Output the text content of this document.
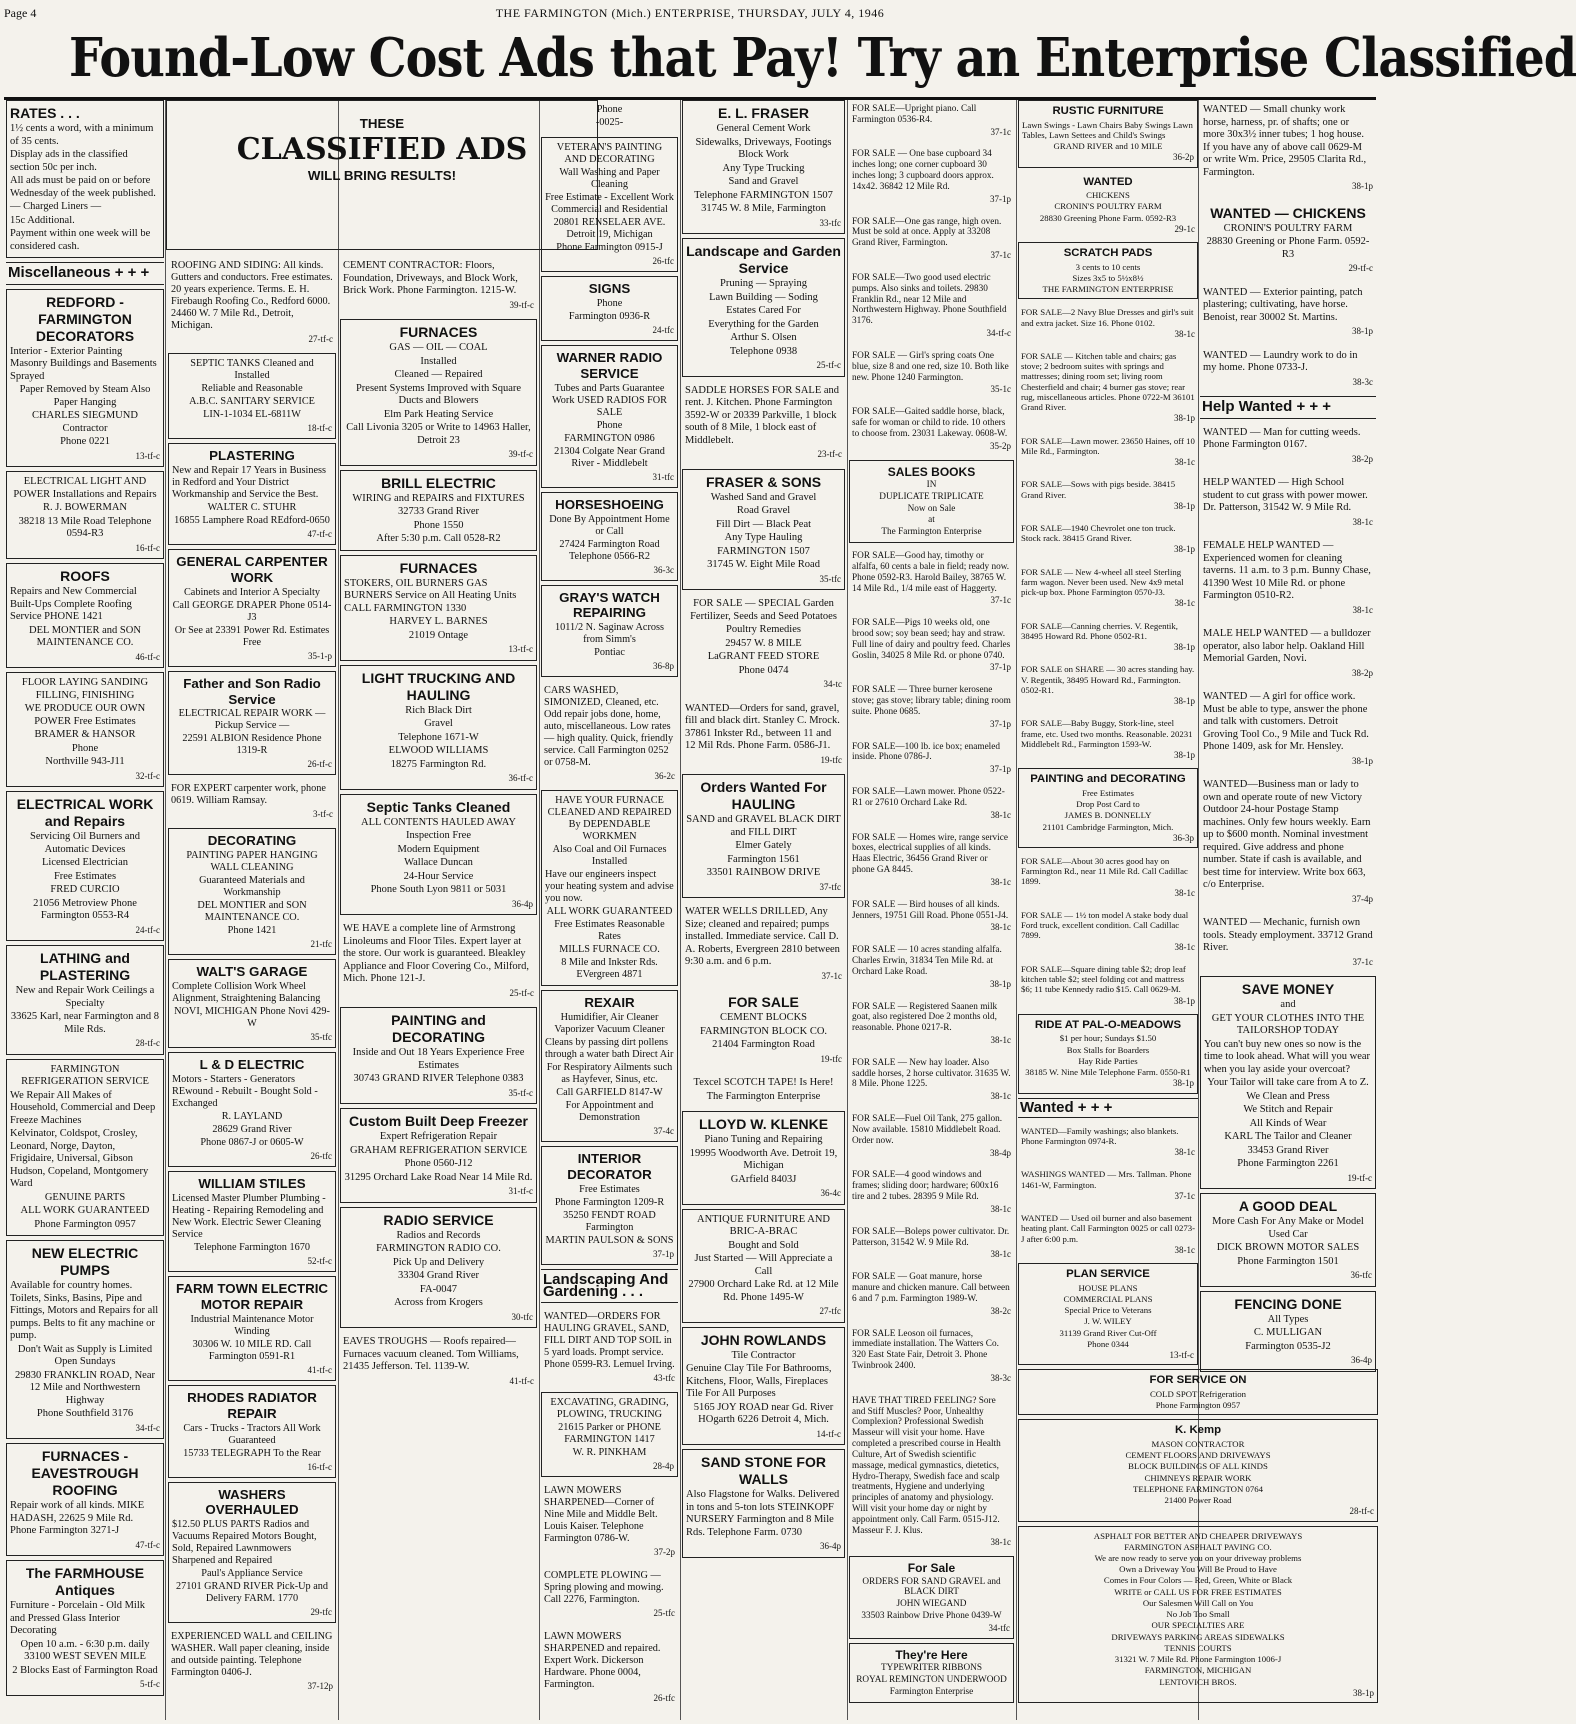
Page 4	THE FARMINGTON (Mich.) ENTERPRISE, THURSDAY, JULY 4, 1946
Found-Low Cost Ads that Pay! Try an Enterprise Classified
RATES . . .
1½ cents a word, with a minimum of 35 cents.
Display ads in the classified section 50c per inch.
All ads must be paid on or before Wednesday of the week published.
— Charged Liners —
15c Additional.
Payment within one week will be considered cash.
Miscellaneous + + +
REDFORD - FARMINGTON DECORATORS
Interior - Exterior Painting Masonry Buildings and Basements Sprayed
Paper Removed by Steam Also Paper Hanging
CHARLES SIEGMUND Contractor
Phone 0221
13-tf-c
ELECTRICAL LIGHT AND POWER Installations and Repairs
R. J. BOWERMAN
38218 13 Mile Road Telephone 0594-R3
16-tf-c
ROOFS
Repairs and New Commercial Built-Ups Complete Roofing Service PHONE 1421
DEL MONTIER and SON MAINTENANCE CO.
46-tf-c
FLOOR LAYING SANDING FILLING, FINISHING
WE PRODUCE OUR OWN POWER Free Estimates
BRAMER & HANSOR
Phone
Northville 943-J11
32-tf-c
ELECTRICAL WORK and Repairs
Servicing Oil Burners and Automatic Devices
Licensed Electrician
Free Estimates
FRED CURCIO
21056 Metroview Phone Farmington 0553-R4
24-tf-c
LATHING and PLASTERING
New and Repair Work Ceilings a Specialty
33625 Karl, near Farmington and 8 Mile Rds.
28-tf-c
FARMINGTON REFRIGERATION SERVICE
We Repair All Makes of Household, Commercial and Deep Freeze Machines
Kelvinator, Coldspot, Crosley, Leonard, Norge, Dayton, Frigidaire, Universal, Gibson Hudson, Copeland, Montgomery Ward
GENUINE PARTS
ALL WORK GUARANTEED
Phone Farmington 0957
NEW ELECTRIC PUMPS
Available for country homes. Toilets, Sinks, Basins, Pipe and Fittings, Motors and Repairs for all pumps. Belts to fit any machine or pump.
Don't Wait as Supply is Limited Open Sundays
29830 FRANKLIN ROAD, Near 12 Mile and Northwestern Highway
Phone Southfield 3176
34-tf-c
FURNACES - EAVESTROUGH ROOFING
Repair work of all kinds. MIKE HADASH, 22625 9 Mile Rd. Phone Farmington 3271-J
47-tf-c
The FARMHOUSE Antiques
Furniture - Porcelain - Old Milk and Pressed Glass Interior Decorating
Open 10 a.m. - 6:30 p.m. daily 33100 WEST SEVEN MILE
2 Blocks East of Farmington Road
5-tf-c
THESE
CLASSIFIED ADS
WILL BRING RESULTS!
ROOFING AND SIDING: All kinds. Gutters and conductors. Free estimates. 20 years experience. Terms. E. H. Firebaugh Roofing Co., Redford 6000. 24460 W. 7 Mile Rd., Detroit, Michigan.
27-tf-c
SEPTIC TANKS Cleaned and Installed
Reliable and Reasonable
A.B.C. SANITARY SERVICE
LIN-1-1034 EL-6811W
18-tf-c
PLASTERING
New and Repair 17 Years in Business in Redford and Your District Workmanship and Service the Best.
WALTER C. STUHR
16855 Lamphere Road REdford-0650
47-tf-c
GENERAL CARPENTER WORK
Cabinets and Interior A Specialty
Call GEORGE DRAPER Phone 0514-J3
Or See at 23391 Power Rd. Estimates Free
35-1-p
Father and Son Radio Service
ELECTRICAL REPAIR WORK — Pickup Service —
22591 ALBION Residence Phone 1319-R
26-tf-c
FOR EXPERT carpenter work, phone 0619. William Ramsay.
3-tf-c
DECORATING
PAINTING PAPER HANGING WALL CLEANING
Guaranteed Materials and Workmanship
DEL MONTIER and SON MAINTENANCE CO.
Phone 1421
21-tfc
WALT'S GARAGE
Complete Collision Work Wheel Alignment, Straightening Balancing
NOVI, MICHIGAN Phone Novi 429-W
35-tfc
L & D ELECTRIC
Motors - Starters - Generators REwound - Rebuilt - Bought Sold - Exchanged
R. LAYLAND
28629 Grand River
Phone 0867-J or 0605-W
26-tfc
WILLIAM STILES
Licensed Master Plumber Plumbing - Heating - Repairing Remodeling and New Work. Electric Sewer Cleaning Service
Telephone Farmington 1670
52-tf-c
FARM TOWN ELECTRIC MOTOR REPAIR
Industrial Maintenance Motor Winding
30306 W. 10 MILE RD. Call Farmington 0591-R1
41-tf-c
RHODES RADIATOR REPAIR
Cars - Trucks - Tractors All Work Guaranteed
15733 TELEGRAPH To the Rear
16-tf-c
WASHERS OVERHAULED
$12.50 PLUS PARTS Radios and Vacuums Repaired Motors Bought, Sold, Repaired Lawnmowers Sharpened and Repaired
Paul's Appliance Service
27101 GRAND RIVER Pick-Up and Delivery FARM. 1770
29-tfc
EXPERIENCED WALL and CEILING WASHER. Wall paper cleaning, inside and outside painting. Telephone Farmington 0406-J.
37-12p
CEMENT CONTRACTOR: Floors, Foundation, Driveways, and Block Work, Brick Work. Phone Farmington. 1215-W.
39-tf-c
FURNACES
GAS — OIL — COAL
Installed
Cleaned — Repaired
Present Systems Improved with Square Ducts and Blowers
Elm Park Heating Service
Call Livonia 3205 or Write to 14963 Haller, Detroit 23
39-tf-c
BRILL ELECTRIC
WIRING and REPAIRS and FIXTURES
32733 Grand River
Phone 1550
After 5:30 p.m. Call 0528-R2
FURNACES
STOKERS, OIL BURNERS GAS BURNERS Service on All Heating Units CALL FARMINGTON 1330
HARVEY L. BARNES
21019 Ontage
13-tf-c
LIGHT TRUCKING AND HAULING
Rich Black Dirt
Gravel
Telephone 1671-W
ELWOOD WILLIAMS
18275 Farmington Rd.
36-tf-c
Septic Tanks Cleaned
ALL CONTENTS HAULED AWAY
Inspection Free
Modern Equipment
Wallace Duncan
24-Hour Service
Phone South Lyon 9811 or 5031
36-4p
WE HAVE a complete line of Armstrong Linoleums and Floor Tiles. Expert layer at the store. Our work is guaranteed. Bleakley Appliance and Floor Covering Co., Milford, Mich. Phone 121-J.
25-tf-c
PAINTING and DECORATING
Inside and Out 18 Years Experience Free Estimates
30743 GRAND RIVER Telephone 0383
35-tf-c
Custom Built Deep Freezer
Expert Refrigeration Repair
GRAHAM REFRIGERATION SERVICE
Phone 0560-J12
31295 Orchard Lake Road Near 14 Mile Rd.
31-tf-c
RADIO SERVICE
Radios and Records
FARMINGTON RADIO CO.
Pick Up and Delivery
33304 Grand River
FA-0047
Across from Krogers
30-tfc
EAVES TROUGHS — Roofs repaired—Furnaces vacuum cleaned. Tom Williams, 21435 Jefferson. Tel. 1139-W.
41-tf-c
Phone
-0025-
VETERAN'S PAINTING AND DECORATING
Wall Washing and Paper Cleaning
Free Estimate - Excellent Work Commercial and Residential
20801 RENSELAER AVE. Detroit 19, Michigan
Phone Farmington 0915-J
26-tfc
SIGNS
Phone
Farmington 0936-R
24-tfc
WARNER RADIO SERVICE
Tubes and Parts Guarantee Work USED RADIOS FOR SALE
Phone
FARMINGTON 0986
21304 Colgate Near Grand River - Middlebelt
31-tfc
HORSESHOEING
Done By Appointment Home or Call
27424 Farmington Road Telephone 0566-R2
36-3c
GRAY'S WATCH REPAIRING
1011/2 N. Saginaw Across from Simm's
Pontiac
36-8p
CARS WASHED, SIMONIZED, Cleaned, etc. Odd repair jobs done, home, auto, miscellaneous. Low rates — high quality. Quick, friendly service. Call Farmington 0252 or 0758-M.
36-2c
HAVE YOUR FURNACE CLEANED AND REPAIRED By DEPENDABLE WORKMEN
Also Coal and Oil Furnaces Installed
Have our engineers inspect your heating system and advise you now.
ALL WORK GUARANTEED
Free Estimates Reasonable Rates
MILLS FURNACE CO.
8 Mile and Inkster Rds. EVergreen 4871
REXAIR
Humidifier, Air Cleaner Vaporizer Vacuum Cleaner
Cleans by passing dirt pollens through a water bath Direct Air
For Respiratory Ailments such as Hayfever, Sinus, etc.
Call GARFIELD 8147-W
For Appointment and Demonstration
37-4c
INTERIOR DECORATOR
Free Estimates
Phone Farmington 1209-R
35250 FENDT ROAD Farmington
MARTIN PAULSON & SONS
37-1p
Landscaping And Gardening . . .
WANTED—ORDERS FOR HAULING GRAVEL, SAND, FILL DIRT AND TOP SOIL in 5 yard loads. Prompt service. Phone 0599-R3. Lemuel Irving.
43-tfc
EXCAVATING, GRADING, PLOWING, TRUCKING
21615 Parker or PHONE FARMINGTON 1417
W. R. PINKHAM
28-4p
LAWN MOWERS SHARPENED—Corner of Nine Mile and Middle Belt. Louis Kaiser. Telephone Farmington 0786-W.
37-2p
COMPLETE PLOWING — Spring plowing and mowing. Call 2276, Farmington.
25-tfc
LAWN MOWERS SHARPENED and repaired. Expert Work. Dickerson Hardware. Phone 0004, Farmington.
26-tfc
E. L. FRASER
General Cement Work
Sidewalks, Driveways, Footings Block Work
Any Type Trucking
Sand and Gravel
Telephone FARMINGTON 1507
31745 W. 8 Mile, Farmington
33-tfc
Landscape and Garden Service
Pruning — Spraying
Lawn Building — Soding
Estates Cared For
Everything for the Garden
Arthur S. Olsen
Telephone 0938
25-tf-c
SADDLE HORSES FOR SALE and rent. J. Kitchen. Phone Farmington 3592-W or 20339 Parkville, 1 block south of 8 Mile, 1 block east of Middlebelt.
23-tf-c
FRASER & SONS
Washed Sand and Gravel
Road Gravel
Fill Dirt — Black Peat
Any Type Hauling
FARMINGTON 1507
31745 W. Eight Mile Road
35-tfc
FOR SALE — SPECIAL Garden Fertilizer, Seeds and Seed Potatoes
Poultry Remedies
29457 W. 8 MILE
LaGRANT FEED STORE
Phone 0474
34-tc
WANTED—Orders for sand, gravel, fill and black dirt. Stanley C. Mrock. 37861 Inkster Rd., between 11 and 12 Mil Rds. Phone Farm. 0586-J1.
19-tfc
Orders Wanted For HAULING
SAND and GRAVEL BLACK DIRT and FILL DIRT
Elmer Gately
Farmington 1561
33501 RAINBOW DRIVE
37-tfc
WATER WELLS DRILLED, Any Size; cleaned and repaired; pumps installed. Immediate service. Call D. A. Roberts, Evergreen 2810 between 9:30 a.m. and 6 p.m.
37-1c
FOR SALE
CEMENT BLOCKS
FARMINGTON BLOCK CO.
21404 Farmington Road
19-tfc
Texcel SCOTCH TAPE! Is Here!
The Farmington Enterprise
LLOYD W. KLENKE
Piano Tuning and Repairing
19995 Woodworth Ave. Detroit 19, Michigan
GArfield 8403J
36-4c
ANTIQUE FURNITURE AND BRIC-A-BRAC
Bought and Sold
Just Started — Will Appreciate a Call
27900 Orchard Lake Rd. at 12 Mile Rd. Phone 1495-W
27-tfc
JOHN ROWLANDS
Tile Contractor
Genuine Clay Tile For Bathrooms, Kitchens, Floor, Walls, Fireplaces Tile For All Purposes
5165 JOY ROAD near Gd. River HOgarth 6226 Detroit 4, Mich.
14-tf-c
SAND STONE FOR WALLS
Also Flagstone for Walks. Delivered in tons and 5-ton lots STEINKOPF NURSERY Farmington and 8 Mile Rds. Telephone Farm. 0730
36-4p
FOR SALE—Upright piano. Call Farmington 0536-R4.
37-1c
FOR SALE — One base cupboard 34 inches long; one corner cupboard 30 inches long; 3 cupboard doors approx. 14x42. 36842 12 Mile Rd.
37-1p
FOR SALE—One gas range, high oven. Must be sold at once. Apply at 33208 Grand River, Farmington.
37-1c
FOR SALE—Two good used electric pumps. Also sinks and toilets. 29830 Franklin Rd., near 12 Mile and Northwestern Highway. Phone Southfield 3176.
34-tf-c
FOR SALE — Girl's spring coats One blue, size 8 and one red, size 10. Both like new. Phone 1240 Farmington.
35-1c
FOR SALE—Gaited saddle horse, black, safe for woman or child to ride. 10 others to choose from. 23031 Lakeway. 0608-W.
35-2p
SALES BOOKS
IN
DUPLICATE TRIPLICATE
Now on Sale
at
The Farmington Enterprise
FOR SALE—Good hay, timothy or alfalfa, 60 cents a bale in field; ready now. Phone 0592-R3. Harold Bailey, 38765 W. 14 Mile Rd., 1/4 mile east of Haggerty.
37-1c
FOR SALE—Pigs 10 weeks old, one brood sow; soy bean seed; hay and straw. Full line of dairy and poultry feed. Charles Goslin, 34025 8 Mile Rd. or phone 0740.
37-1p
FOR SALE — Three burner kerosene stove; gas stove; library table; dining room suite. Phone 0685.
37-1p
FOR SALE—100 lb. ice box; enameled inside. Phone 0786-J.
37-1p
FOR SALE—Lawn mower. Phone 0522-R1 or 27610 Orchard Lake Rd.
38-1c
FOR SALE — Homes wire, range service boxes, electrical supplies of all kinds. Haas Electric, 36456 Grand River or phone GA 8445.
38-1c
FOR SALE — Bird houses of all kinds. Jenners, 19751 Gill Road. Phone 0551-J4.
38-1c
FOR SALE — 10 acres standing alfalfa. Charles Erwin, 31834 Ten Mile Rd. at Orchard Lake Road.
38-1p
FOR SALE — Registered Saanen milk goat, also registered Doe 2 months old, reasonable. Phone 0217-R.
38-1c
FOR SALE — New hay loader. Also saddle horses, 2 horse cultivator. 31635 W. 8 Mile. Phone 1225.
38-1c
FOR SALE—Fuel Oil Tank, 275 gallon. Now available. 15810 Middlebelt Road. Order now.
38-4p
FOR SALE—4 good windows and frames; sliding door; hardware; 600x16 tire and 2 tubes. 28395 9 Mile Rd.
38-1c
FOR SALE—Boleps power cultivator. Dr. Patterson, 31542 W. 9 Mile Rd.
38-1c
FOR SALE — Goat manure, horse manure and chicken manure. Call between 6 and 7 p.m. Farmington 1989-W.
38-2c
FOR SALE Leoson oil furnaces, immediate installation. The Watters Co. 320 East State Fair, Detroit 3. Phone Twinbrook 2400.
38-3c
HAVE THAT TIRED FEELING? Sore and Stiff Muscles? Poor, Unhealthy Complexion? Professional Swedish Masseur will visit your home. Have completed a prescribed course in Health Culture, Art of Swedish scientific massage, medical gymnastics, dietetics, Hydro-Therapy, Swedish face and scalp treatments, Hygiene and underlying principles of anatomy and physiology. Will visit your home day or night by appointment only. Call Farm. 0515-J12. Masseur F. J. Klus.
38-1c
For Sale
ORDERS FOR SAND GRAVEL and BLACK DIRT
JOHN WIEGAND
33503 Rainbow Drive Phone 0439-W
34-tfc
They're Here
TYPEWRITER RIBBONS
ROYAL REMINGTON UNDERWOOD
Farmington Enterprise
RUSTIC FURNITURE
Lawn Swings - Lawn Chairs Baby Swings Lawn Tables, Lawn Settees and Child's Swings
GRAND RIVER and 10 MILE
36-2p
WANTED
CHICKENS
CRONIN'S POULTRY FARM
28830 Greening Phone Farm. 0592-R3
29-1c
SCRATCH PADS
3 cents to 10 cents
Sizes 3x5 to 5½x8½
THE FARMINGTON ENTERPRISE
FOR SALE—2 Navy Blue Dresses and girl's suit and extra jacket. Size 16. Phone 0102.
38-1c
FOR SALE — Kitchen table and chairs; gas stove; 2 bedroom suites with springs and mattresses; dining room set; living room Chesterfield and chair; 4 burner gas stove; rear rug, miscellaneous articles. Phone 0722-M 36101 Grand River.
38-1p
FOR SALE—Lawn mower. 23650 Haines, off 10 Mile Rd., Farmington.
38-1c
FOR SALE—Sows with pigs beside. 38415 Grand River.
38-1p
FOR SALE—1940 Chevrolet one ton truck. Stock rack. 38415 Grand River.
38-1p
FOR SALE — New 4-wheel all steel Sterling farm wagon. Never been used. New 4x9 metal pick-up box. Phone Farmington 0570-J3.
38-1c
FOR SALE—Canning cherries. V. Regentik, 38495 Howard Rd. Phone 0502-R1.
38-1p
FOR SALE on SHARE — 30 acres standing hay. V. Regentik, 38495 Howard Rd., Farmington. 0502-R1.
38-1p
FOR SALE—Baby Buggy, Stork-line, steel frame, etc. Used two months. Reasonable. 20231 Middlebelt Rd., Farmington 1593-W.
38-1p
PAINTING and DECORATING
Free Estimates
Drop Post Card to
JAMES B. DONNELLY
21101 Cambridge Farmington, Mich.
36-3p
FOR SALE—About 30 acres good hay on Farmington Rd., near 11 Mile Rd. Call Cadillac 1899.
38-1c
FOR SALE — 1½ ton model A stake body dual Ford truck, excellent condition. Call Cadillac 7899.
38-1c
FOR SALE—Square dining table $2; drop leaf kitchen table $2; steel folding cot and mattress $6; 11 tube Kennedy radio $15. Call 0629-M.
38-1p
RIDE AT PAL-O-MEADOWS
$1 per hour; Sundays $1.50
Box Stalls for Boarders
Hay Ride Parties
38185 W. Nine Mile Telephone Farm. 0550-R1
38-1p
Wanted + + +
WANTED—Family washings; also blankets. Phone Farmington 0974-R.
38-1c
WASHINGS WANTED — Mrs. Tallman. Phone 1461-W, Farmington.
37-1c
WANTED — Used oil burner and also basement heating plant. Call Farmington 0025 or call 0273-J after 6:00 p.m.
38-1c
PLAN SERVICE
HOUSE PLANS
COMMERCIAL PLANS
Special Price to Veterans
J. W. WILEY
31139 Grand River Cut-Off
Phone 0344
13-tf-c
FOR SERVICE ON
COLD SPOT Refrigeration
Phone Farmington 0957
K. Kemp
MASON CONTRACTOR
CEMENT FLOORS AND DRIVEWAYS
BLOCK BUILDINGS OF ALL KINDS
CHIMNEYS REPAIR WORK
TELEPHONE FARMINGTON 0764
21400 Power Road
28-tf-c
ASPHALT FOR BETTER AND CHEAPER DRIVEWAYS
FARMINGTON ASPHALT PAVING CO.
We are now ready to serve you on your driveway problems
Own a Driveway You Will Be Proud to Have
Comes in Four Colors — Red, Green, White or Black
WRITE or CALL US FOR FREE ESTIMATES
Our Salesmen Will Call on You
No Job Too Small
OUR SPECIALTIES ARE
DRIVEWAYS PARKING AREAS SIDEWALKS
TENNIS COURTS
31321 W. 7 Mile Rd. Phone Farmington 1006-J
FARMINGTON, MICHIGAN
LENTOVICH BROS.
38-1p
WANTED — Small chunky work horse, harness, pr. of shafts; one or more 30x3½ inner tubes; 1 hog house. If you have any of above call 0629-M or write Wm. Price, 29505 Clarita Rd., Farmington.
38-1p
WANTED — CHICKENS
CRONIN'S POULTRY FARM
28830 Greening or Phone Farm. 0592-R3
29-tf-c
WANTED — Exterior painting, patch plastering; cultivating, have horse. Benoist, rear 30002 St. Martins.
38-1p
WANTED — Laundry work to do in my home. Phone 0733-J.
38-3c
Help Wanted + + +
WANTED — Man for cutting weeds. Phone Farmington 0167.
38-2p
HELP WANTED — High School student to cut grass with power mower. Dr. Patterson, 31542 W. 9 Mile Rd.
38-1c
FEMALE HELP WANTED — Experienced women for cleaning taverns. 11 a.m. to 3 p.m. Bunny Chase, 41390 West 10 Mile Rd. or phone Farmington 0510-R2.
38-1c
MALE HELP WANTED — a bulldozer operator, also labor help. Oakland Hill Memorial Garden, Novi.
38-2p
WANTED — A girl for office work. Must be able to type, answer the phone and talk with customers. Detroit Groving Tool Co., 9 Mile and Tuck Rd. Phone 1409, ask for Mr. Hensley.
38-1p
WANTED—Business man or lady to own and operate route of new Victory Outdoor 24-hour Postage Stamp machines. Only few hours weekly. Earn up to $600 month. Nominal investment required. Give address and phone number. State if cash is available, and best time for interview. Write box 663, c/o Enterprise.
37-4p
WANTED — Mechanic, furnish own tools. Steady employment. 33712 Grand River.
37-1c
SAVE MONEY
and
GET YOUR CLOTHES INTO THE TAILORSHOP TODAY
You can't buy new ones so now is the time to look ahead. What will you wear when you lay aside your overcoat?
Your Tailor will take care from A to Z.
We Clean and Press
We Stitch and Repair
All Kinds of Wear
KARL The Tailor and Cleaner
33453 Grand River
Phone Farmington 2261
19-tf-c
A GOOD DEAL
More Cash For Any Make or Model Used Car
DICK BROWN MOTOR SALES
Phone Farmington 1501
36-tfc
FENCING DONE
All Types
C. MULLIGAN
Farmington 0535-J2
36-4p
